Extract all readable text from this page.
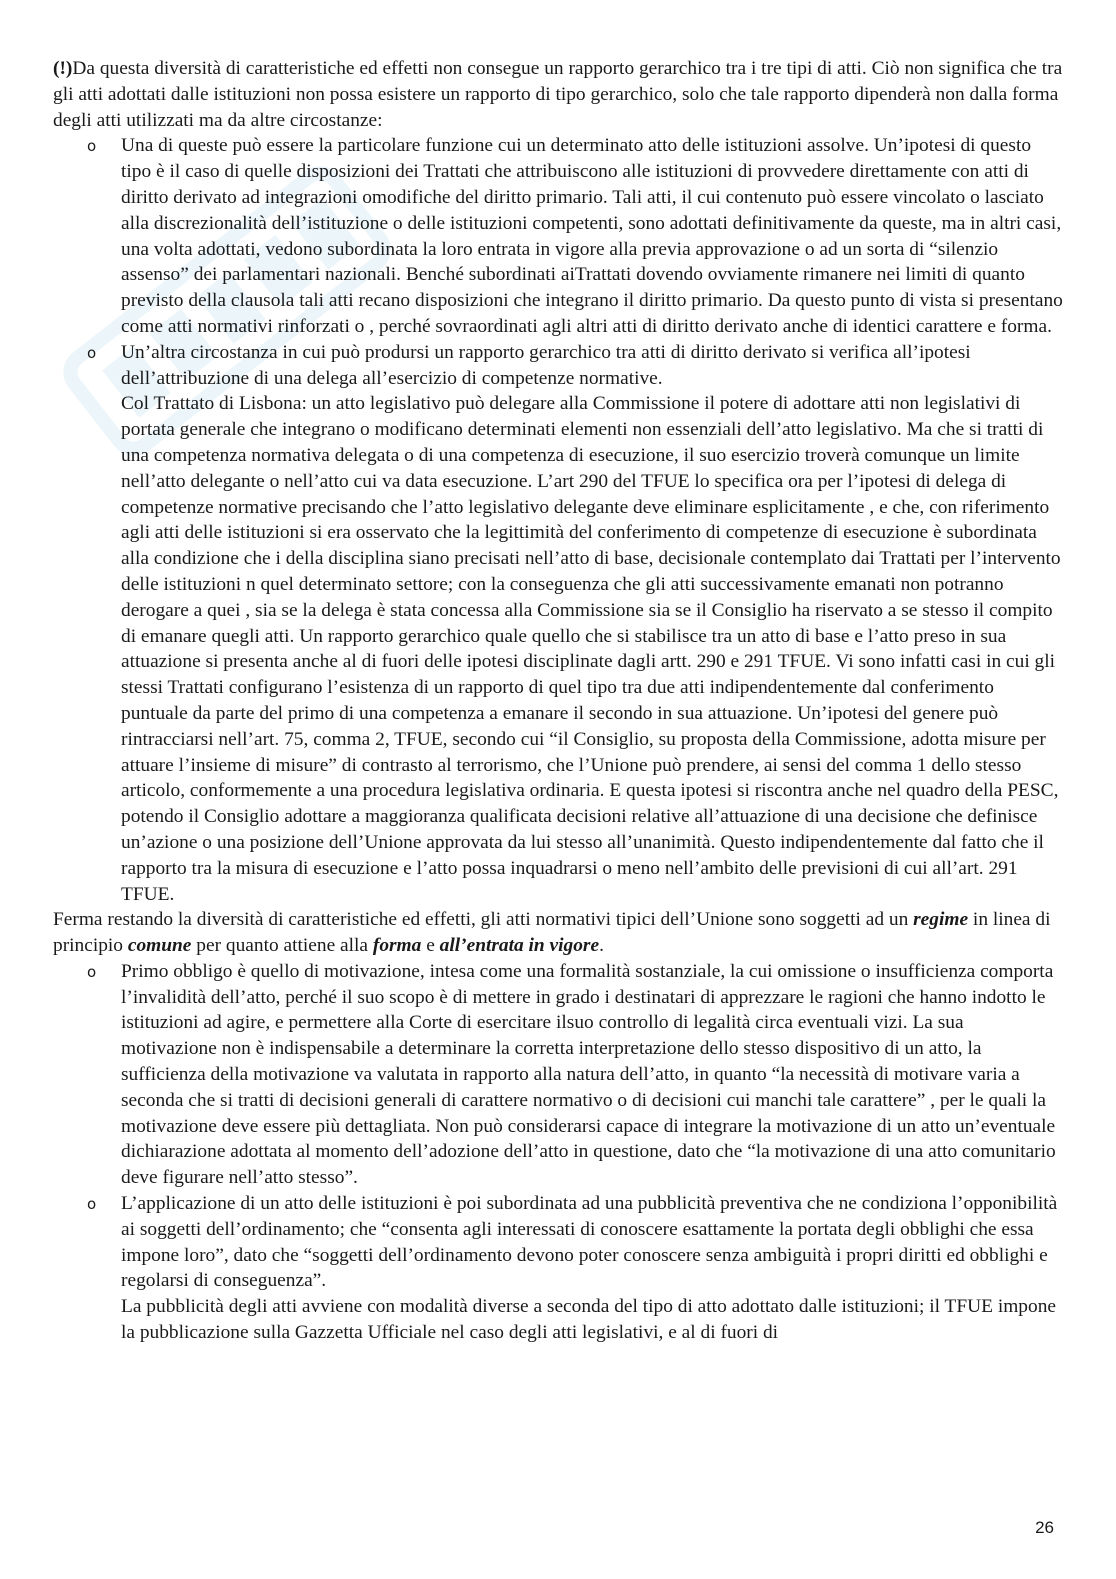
(!)Da questa diversità di caratteristiche ed effetti non consegue un rapporto gerarchico tra i tre tipi di atti. Ciò non significa che tra gli atti adottati dalle istituzioni non possa esistere un rapporto di tipo gerarchico, solo che tale rapporto dipenderà non dalla forma degli atti utilizzati ma da altre circostanze:

o Una di queste può essere la particolare funzione cui un determinato atto delle istituzioni assolve. Un’ipotesi di questo tipo è il caso di quelle disposizioni dei Trattati che attribuiscono alle istituzioni di provvedere direttamente con atti di diritto derivato ad integrazioni omodifiche del diritto primario. Tali atti, il cui contenuto può essere vincolato o lasciato alla discrezionalità dell’istituzione o delle istituzioni competenti, sono adottati definitivamente da queste, ma in altri casi, una volta adottati, vedono subordinata la loro entrata in vigore alla previa approvazione o ad un sorta di “silenzio assenso” dei parlamentari nazionali. Benché subordinati aiTrattati dovendo ovviamente rimanere nei limiti di quanto previsto della clausola tali atti recano disposizioni che integrano il diritto primario. Da questo punto di vista si presentano come atti normativi rinforzati o , perché sovraordinati agli altri atti di diritto derivato anche di identici carattere e forma.

o Un’altra circostanza in cui può prodursi un rapporto gerarchico tra atti di diritto derivato si verifica all’ipotesi dell’attribuzione di una delega all’esercizio di competenze normative.

Col Trattato di Lisbona: un atto legislativo può delegare alla Commissione il potere di adottare atti non legislativi di portata generale che integrano o modificano determinati elementi non essenziali dell’atto legislativo. Ma che si tratti di una competenza normativa delegata o di una competenza di esecuzione, il suo esercizio troverà comunque un limite nell’atto delegante o nell’atto cui va data esecuzione. L’art 290 del TFUE lo specifica ora per l’ipotesi di delega di competenze normative precisando che l’atto legislativo delegante deve eliminare esplicitamente , e che, con riferimento agli atti delle istituzioni si era osservato che la legittimità del conferimento di competenze di esecuzione è subordinata alla condizione che i della disciplina siano precisati nell’atto di base, decisionale contemplato dai Trattati per l’intervento delle istituzioni n quel determinato settore; con la conseguenza che gli atti successivamente emanati non potranno derogare a quei , sia se la delega è stata concessa alla Commissione sia se il Consiglio ha riservato a se stesso il compito di emanare quegli atti. Un rapporto gerarchico quale quello che si stabilisce tra un atto di base e l’atto preso in sua attuazione si presenta anche al di fuori delle ipotesi disciplinate dagli artt. 290 e 291 TFUE. Vi sono infatti casi in cui gli stessi Trattati configurano l’esistenza di un rapporto di quel tipo tra due atti indipendentemente dal conferimento puntuale da parte del primo di una competenza a emanare il secondo in sua attuazione. Un’ipotesi del genere può rintracciarsi nell’art. 75, comma 2, TFUE, secondo cui “il Consiglio, su proposta della Commissione, adotta misure per attuare l’insieme di misure” di contrasto al terrorismo, che l’Unione può prendere, ai sensi del comma 1 dello stesso articolo, conformemente a una procedura legislativa ordinaria. E questa ipotesi si riscontra anche nel quadro della PESC, potendo il Consiglio adottare a maggioranza qualificata decisioni relative all’attuazione di una decisione che definisce un’azione o una posizione dell’Unione approvata da lui stesso all’unanimità. Questo indipendentemente dal fatto che il rapporto tra la misura di esecuzione e l’atto possa inquadrarsi o meno nell’ambito delle previsioni di cui all’art. 291 TFUE.

Ferma restando la diversità di caratteristiche ed effetti, gli atti normativi tipici dell’Unione sono soggetti ad un regime in linea di principio comune per quanto attiene alla forma e all’entrata in vigore.

o Primo obbligo è quello di motivazione, intesa come una formalità sostanziale, la cui omissione o insufficienza comporta l’invalidità dell’atto, perché il suo scopo è di mettere in grado i destinatari di apprezzare le ragioni che hanno indotto le istituzioni ad agire, e permettere alla Corte di esercitare ilsuo controllo di legalità circa eventuali vizi. La sua motivazione non è indispensabile a determinare la corretta interpretazione dello stesso dispositivo di un atto, la sufficienza della motivazione va valutata in rapporto alla natura dell’atto, in quanto “la necessità di motivare varia a seconda che si tratti di decisioni generali di carattere normativo o di decisioni cui manchi tale carattere” , per le quali la motivazione deve essere più dettagliata. Non può considerarsi capace di integrare la motivazione di un atto un’eventuale dichiarazione adottata al momento dell’adozione dell’atto in questione, dato che “la motivazione di una atto comunitario deve figurare nell’atto stesso”.

o L’applicazione di un atto delle istituzioni è poi subordinata ad una pubblicità preventiva che ne condiziona l’opponibilità ai soggetti dell’ordinamento; che “consenta agli interessati di conoscere esattamente la portata degli obblighi che essa impone loro”, dato che “soggetti dell’ordinamento devono poter conoscere senza ambiguità i propri diritti ed obblighi e regolarsi di conseguenza”.

La pubblicità degli atti avviene con modalità diverse a seconda del tipo di atto adottato dalle istituzioni; il TFUE impone la pubblicazione sulla Gazzetta Ufficiale nel caso degli atti legislativi, e al di fuori di

26
